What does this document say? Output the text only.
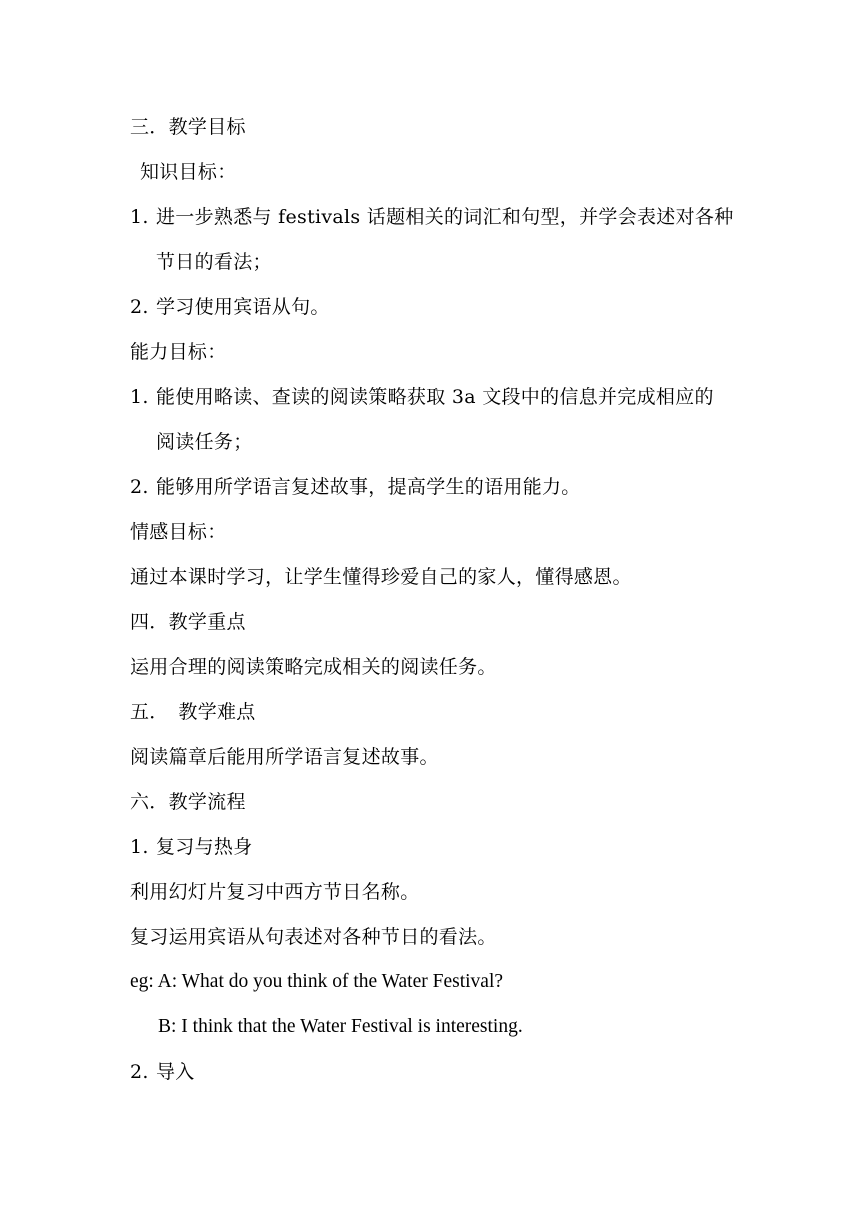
三．教学目标
知识目标：
1. 进一步熟悉与 festivals 话题相关的词汇和句型，并学会表述对各种
节日的看法；
2. 学习使用宾语从句。
能力目标：
1. 能使用略读、查读的阅读策略获取 3a 文段中的信息并完成相应的
阅读任务；
2. 能够用所学语言复述故事，提高学生的语用能力。
情感目标：
通过本课时学习，让学生懂得珍爱自己的家人，懂得感恩。
四．教学重点
运用合理的阅读策略完成相关的阅读任务。
五．　教学难点
阅读篇章后能用所学语言复述故事。
六．教学流程
1. 复习与热身
利用幻灯片复习中西方节日名称。
复习运用宾语从句表述对各种节日的看法。
eg: A: What do you think of the Water Festival?
B: I think that the Water Festival is interesting.
2. 导入
